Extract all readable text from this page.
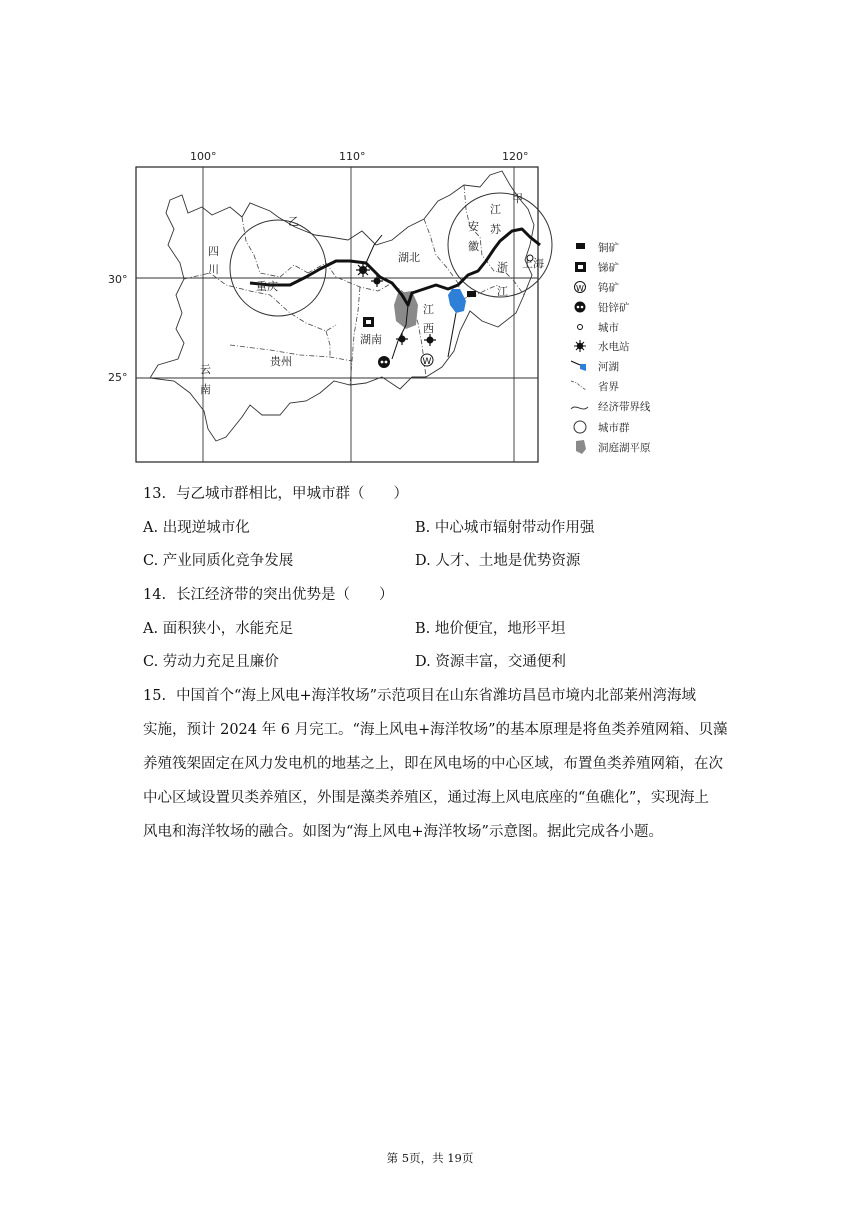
100°	110°	120°
30°
25°
W
甲
乙
四
川
重庆
贵州
云
南
湖北
湖南
江
西
安
徽
江
苏
浙
江
上海
铜矿
锑矿
W 钨矿
铅锌矿
城市
水电站
河湖
省界
经济带界线
城市群
洞庭湖平原
13. 与乙城市群相比，甲城市群（　　）
A. 出现逆城市化	B. 中心城市辐射带动作用强
C. 产业同质化竞争发展	D. 人才、土地是优势资源
14. 长江经济带的突出优势是（　　）
A. 面积狭小，水能充足	B. 地价便宜，地形平坦
C. 劳动力充足且廉价	D. 资源丰富，交通便利
15. 中国首个“海上风电+海洋牧场”示范项目在山东省潍坊昌邑市境内北部莱州湾海域
实施，预计 2024 年 6 月完工。“海上风电+海洋牧场”的基本原理是将鱼类养殖网箱、贝藻
养殖筏架固定在风力发电机的地基之上，即在风电场的中心区域，布置鱼类养殖网箱，在次
中心区域设置贝类养殖区，外围是藻类养殖区，通过海上风电底座的“鱼礁化”，实现海上
风电和海洋牧场的融合。如图为“海上风电+海洋牧场”示意图。据此完成各小题。
第 5页，共 19页
